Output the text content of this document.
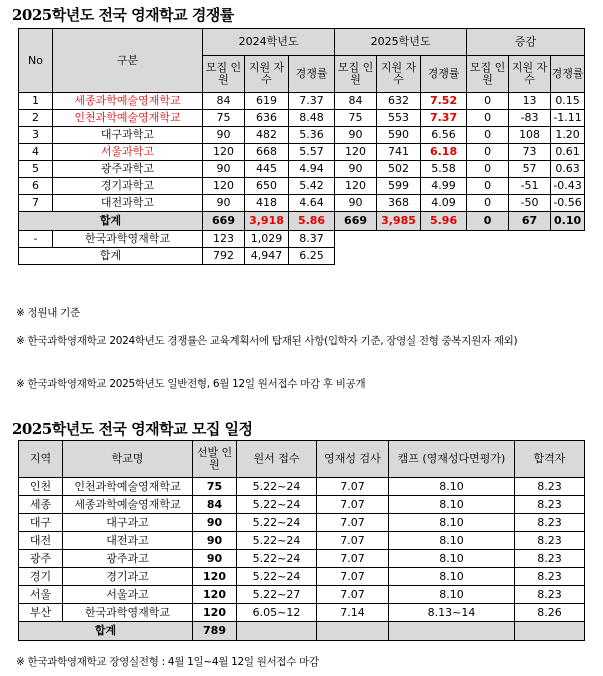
2025학년도 전국 영재학교 경쟁률
No	구분	2024학년도			2025학년도			증감		
		모집 인원	지원 자수	경쟁률	모집 인원	지원 자수	경쟁률	모집 인원	지원 자수	경쟁률
1	세종과학예술영재학교	84	619	7.37	84	632	7.52	0	13	0.15
2	인천과학예술영재학교	75	636	8.48	75	553	7.37	0	-83	-1.11
3	대구과학고	90	482	5.36	90	590	6.56	0	108	1.20
4	서울과학고	120	668	5.57	120	741	6.18	0	73	0.61
5	광주과학고	90	445	4.94	90	502	5.58	0	57	0.63
6	경기과학고	120	650	5.42	120	599	4.99	0	-51	-0.43
7	대전과학고	90	418	4.64	90	368	4.09	0	-50	-0.56
합계		669	3,918	5.86	669	3,985	5.96	0	67	0.10
-	한국과학영재학교	123	1,029	8.37						
합계		792	4,947	6.25						
※ 정원내 기준
※ 한국과학영재학교 2024학년도 경쟁률은 교육계획서에 탑재된 사항(입학자 기준, 장영실 전형 중복지원자 제외)
※ 한국과학영재학교 2025학년도 일반전형, 6월 12일 원서접수 마감 후 비공개
2025학년도 전국 영재학교 모집 일정
지역	학교명	선발 인원	원서 접수	영재성 검사	캠프 (영재성다면평가)	합격자
인천	인천과학예술영재학교	75	5.22~24	7.07	8.10	8.23
세종	세종과학예술영재학교	84	5.22~24	7.07	8.10	8.23
대구	대구과고	90	5.22~24	7.07	8.10	8.23
대전	대전과고	90	5.22~24	7.07	8.10	8.23
광주	광주과고	90	5.22~24	7.07	8.10	8.23
경기	경기과고	120	5.22~24	7.07	8.10	8.23
서울	서울과고	120	5.22~27	7.07	8.10	8.23
부산	한국과학영재학교	120	6.05~12	7.14	8.13~14	8.26
합계		789				
※ 한국과학영재학교 장영실전형 : 4월 1일~4월 12일 원서접수 마감
